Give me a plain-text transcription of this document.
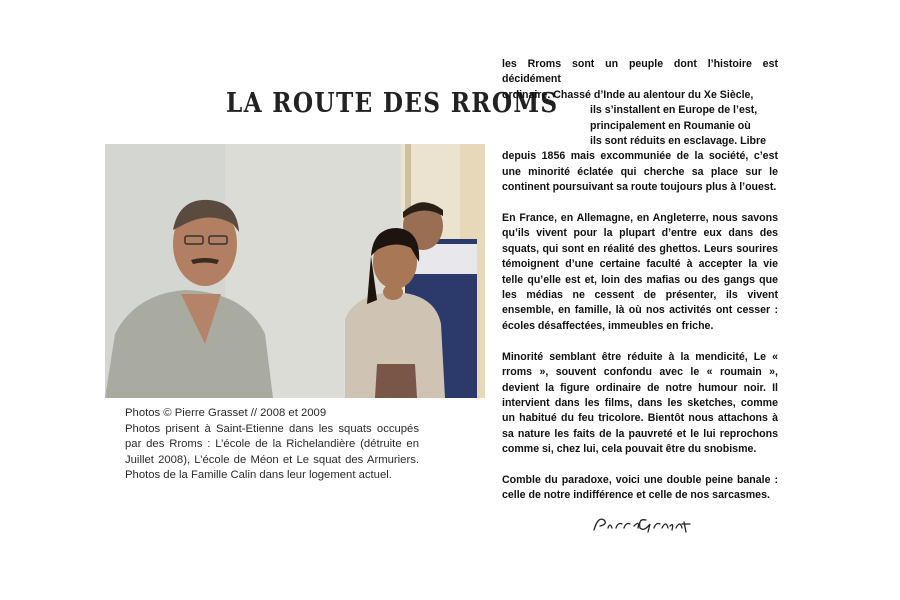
LA ROUTE DES RROMS

Photos © Pierre Grasset // 2008 et 2009

Photos prisent à Saint-Etienne dans les squats occupés par des Rroms : L’école de la Richelandière (détruite en Juillet 2008), L’école de Méon et Le squat des Armuriers. Photos de la Famille Calin dans leur logement actuel.

les Rroms sont un peuple dont l’histoire est décidément

ordinaire. Chassé d’Inde au alentour du Xe Siècle,

ils s’installent en Europe de l’est,

principalement en Roumanie où

ils sont réduits en esclavage. Libre

depuis 1856 mais excommuniée de la société, c’est une minorité éclatée qui cherche sa place sur le continent poursuivant sa route toujours plus à l’ouest.

En France, en Allemagne, en Angleterre, nous savons qu’ils vivent pour la plupart d’entre eux dans des squats, qui sont en réalité des ghettos. Leurs sourires témoignent d’une certaine faculté à accepter la vie telle qu’elle est et, loin des mafias ou des gangs que les médias ne cessent de présenter, ils vivent ensemble, en famille, là où nos activités ont cesser : écoles désaffectées, immeubles en friche.

Minorité semblant être réduite à la mendicité, Le « rroms », souvent confondu avec le « roumain », devient la figure ordinaire de notre humour noir. Il intervient dans les films, dans les sketches, comme un habitué du feu tricolore. Bientôt nous attachons à sa nature les faits de la pauvreté et le lui reprochons comme si, chez lui, cela pouvait être du snobisme.

Comble du paradoxe, voici une double peine banale : celle de notre indifférence et celle de nos sarcasmes.
